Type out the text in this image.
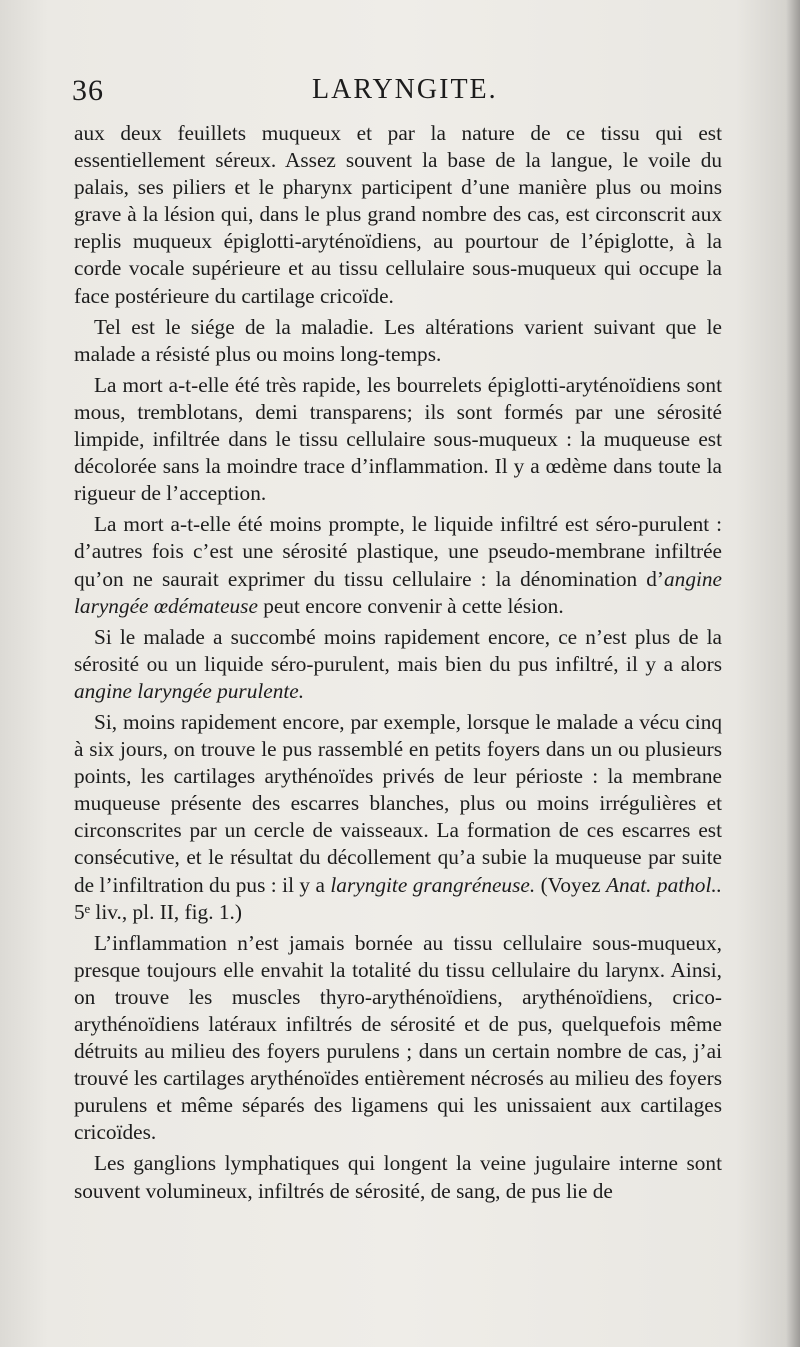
36	LARYNGITE.

aux deux feuillets muqueux et par la nature de ce tissu qui est essentiellement séreux. Assez souvent la base de la langue, le voile du palais, ses piliers et le pharynx participent d’une manière plus ou moins grave à la lésion qui, dans le plus grand nombre des cas, est circonscrit aux replis muqueux épiglotti-aryténoïdiens, au pourtour de l’épiglotte, à la corde vocale supérieure et au tissu cellulaire sous-muqueux qui occupe la face postérieure du cartilage cricoïde.

Tel est le siége de la maladie. Les altérations varient suivant que le malade a résisté plus ou moins long-temps.

La mort a-t-elle été très rapide, les bourrelets épiglotti-aryténoïdiens sont mous, tremblotans, demi transparens; ils sont formés par une sérosité limpide, infiltrée dans le tissu cellulaire sous-muqueux : la muqueuse est décolorée sans la moindre trace d’inflammation. Il y a œdème dans toute la rigueur de l’acception.

La mort a-t-elle été moins prompte, le liquide infiltré est séro-purulent : d’autres fois c’est une sérosité plastique, une pseudo-membrane infiltrée qu’on ne saurait exprimer du tissu cellulaire : la dénomination d’angine laryngée œdémateuse peut encore convenir à cette lésion.

Si le malade a succombé moins rapidement encore, ce n’est plus de la sérosité ou un liquide séro-purulent, mais bien du pus infiltré, il y a alors angine laryngée purulente.

Si, moins rapidement encore, par exemple, lorsque le malade a vécu cinq à six jours, on trouve le pus rassemblé en petits foyers dans un ou plusieurs points, les cartilages arythénoïdes privés de leur périoste : la membrane muqueuse présente des escarres blanches, plus ou moins irrégulières et circonscrites par un cercle de vaisseaux. La formation de ces escarres est consécutive, et le résultat du décollement qu’a subie la muqueuse par suite de l’infiltration du pus : il y a laryngite grangréneuse. (Voyez Anat. pathol.. 5ᵉ liv., pl. II, fig. 1.)

L’inflammation n’est jamais bornée au tissu cellulaire sous-muqueux, presque toujours elle envahit la totalité du tissu cellulaire du larynx. Ainsi, on trouve les muscles thyro-arythénoïdiens, arythénoïdiens, crico-arythénoïdiens latéraux infiltrés de sérosité et de pus, quelquefois même détruits au milieu des foyers purulens ; dans un certain nombre de cas, j’ai trouvé les cartilages arythénoïdes entièrement nécrosés au milieu des foyers purulens et même séparés des ligamens qui les unissaient aux cartilages cricoïdes.

Les ganglions lymphatiques qui longent la veine jugulaire interne sont souvent volumineux, infiltrés de sérosité, de sang, de pus lie de
